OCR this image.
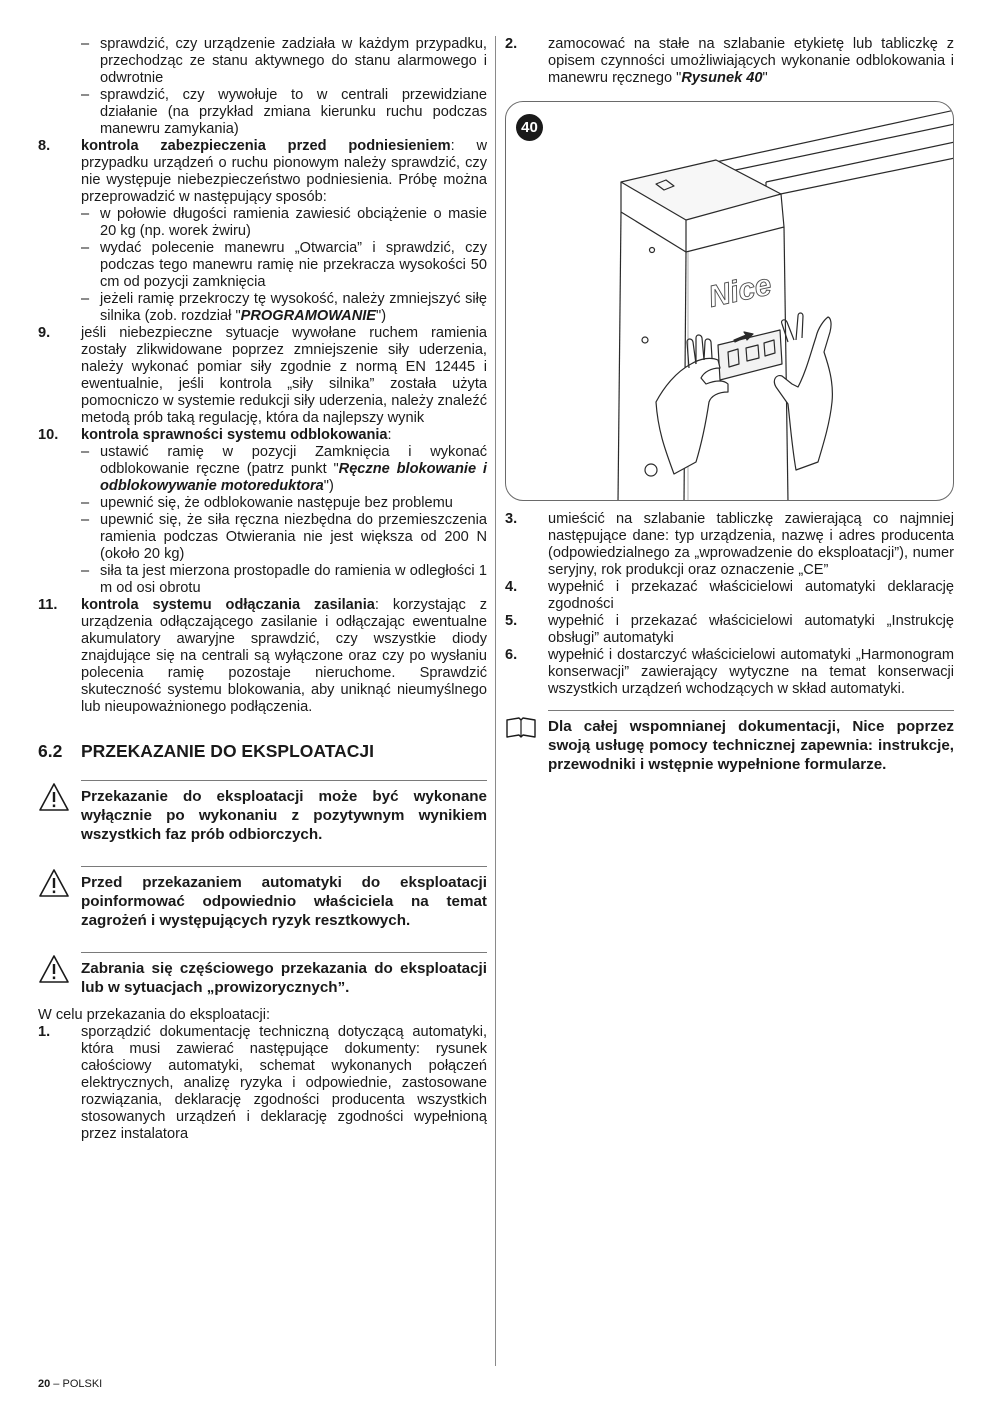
– sprawdzić, czy urządzenie zadziała w każdym przypadku, przechodząc ze stanu aktywnego do stanu alarmowego i odwrotnie
– sprawdzić, czy wywołuje to w centrali przewidziane działanie (na przykład zmiana kierunku ruchu podczas manewru zamykania)
8. kontrola zabezpieczenia przed podniesieniem: w przypadku urządzeń o ruchu pionowym należy sprawdzić, czy nie występuje niebezpieczeństwo podniesienia. Próbę można przeprowadzić w następujący sposób:
– w połowie długości ramienia zawiesić obciążenie o masie 20 kg (np. worek żwiru)
– wydać polecenie manewru „Otwarcia” i sprawdzić, czy podczas tego manewru ramię nie przekracza wysokości 50 cm od pozycji zamknięcia
– jeżeli ramię przekroczy tę wysokość, należy zmniejszyć siłę silnika (zob. rozdział "PROGRAMOWANIE")
9. jeśli niebezpieczne sytuacje wywołane ruchem ramienia zostały zlikwidowane poprzez zmniejszenie siły uderzenia, należy wykonać pomiar siły zgodnie z normą EN 12445 i ewentualnie, jeśli kontrola „siły silnika” została użyta pomocniczo w systemie redukcji siły uderzenia, należy znaleźć metodą prób taką regulację, która da najlepszy wynik
10. kontrola sprawności systemu odblokowania:
– ustawić ramię w pozycji Zamknięcia i wykonać odblokowanie ręczne (patrz punkt "Ręczne blokowanie i odblokowywanie motoreduktora")
– upewnić się, że odblokowanie następuje bez problemu
– upewnić się, że siła ręczna niezbędna do przemieszczenia ramienia podczas Otwierania nie jest większa od 200 N (około 20 kg)
– siła ta jest mierzona prostopadle do ramienia w odległości 1 m od osi obrotu
11. kontrola systemu odłączania zasilania: korzystając z urządzenia odłączającego zasilanie i odłączając ewentualne akumulatory awaryjne sprawdzić, czy wszystkie diody znajdujące się na centrali są wyłączone oraz czy po wysłaniu polecenia ramię pozostaje nieruchome. Sprawdzić skuteczność systemu blokowania, aby uniknąć nieumyślnego lub nieupoważnionego podłączenia.
6.2	PRZEKAZANIE DO EKSPLOATACJI
Przekazanie do eksploatacji może być wykonane wyłącznie po wykonaniu z pozytywnym wynikiem wszystkich faz prób odbiorczych.
Przed przekazaniem automatyki do eksploatacji poinformować odpowiednio właściciela na temat zagrożeń i występujących ryzyk resztkowych.
Zabrania się częściowego przekazania do eksploatacji lub w sytuacjach „prowizorycznych”.
W celu przekazania do eksploatacji:
1. sporządzić dokumentację techniczną dotyczącą automatyki, która musi zawierać następujące dokumenty: rysunek całościowy automatyki, schemat wykonanych połączeń elektrycznych, analizę ryzyka i odpowiednie, zastosowane rozwiązania, deklarację zgodności producenta wszystkich stosowanych urządzeń i deklarację zgodności wypełnioną przez instalatora
2. zamocować na stałe na szlabanie etykietę lub tabliczkę z opisem czynności umożliwiających wykonanie odblokowania i manewru ręcznego "Rysunek 40"
40
Nice
3. umieścić na szlabanie tabliczkę zawierającą co najmniej następujące dane: typ urządzenia, nazwę i adres producenta (odpowiedzialnego za „wprowadzenie do eksploatacji”), numer seryjny, rok produkcji oraz oznaczenie „CE”
4. wypełnić i przekazać właścicielowi automatyki deklarację zgodności
5. wypełnić i przekazać właścicielowi automatyki „Instrukcję obsługi” automatyki
6. wypełnić i dostarczyć właścicielowi automatyki „Harmonogram konserwacji” zawierający wytyczne na temat konserwacji wszystkich urządzeń wchodzących w skład automatyki.
Dla całej wspomnianej dokumentacji, Nice poprzez swoją usługę pomocy technicznej zapewnia: instrukcje, przewodniki i wstępnie wypełnione formularze.
20 – POLSKI
